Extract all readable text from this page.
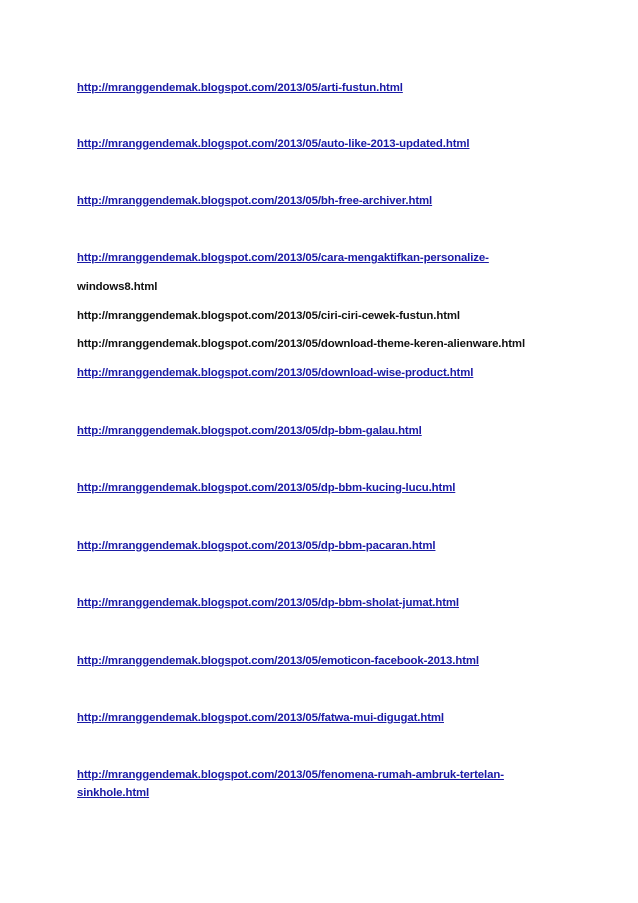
http://mranggendemak.blogspot.com/2013/05/arti-fustun.html
http://mranggendemak.blogspot.com/2013/05/auto-like-2013-updated.html
http://mranggendemak.blogspot.com/2013/05/bh-free-archiver.html
http://mranggendemak.blogspot.com/2013/05/cara-mengaktifkan-personalize-
windows8.html
http://mranggendemak.blogspot.com/2013/05/ciri-ciri-cewek-fustun.html
http://mranggendemak.blogspot.com/2013/05/download-theme-keren-alienware.html
http://mranggendemak.blogspot.com/2013/05/download-wise-product.html
http://mranggendemak.blogspot.com/2013/05/dp-bbm-galau.html
http://mranggendemak.blogspot.com/2013/05/dp-bbm-kucing-lucu.html
http://mranggendemak.blogspot.com/2013/05/dp-bbm-pacaran.html
http://mranggendemak.blogspot.com/2013/05/dp-bbm-sholat-jumat.html
http://mranggendemak.blogspot.com/2013/05/emoticon-facebook-2013.html
http://mranggendemak.blogspot.com/2013/05/fatwa-mui-digugat.html
http://mranggendemak.blogspot.com/2013/05/fenomena-rumah-ambruk-tertelan-
sinkhole.html
